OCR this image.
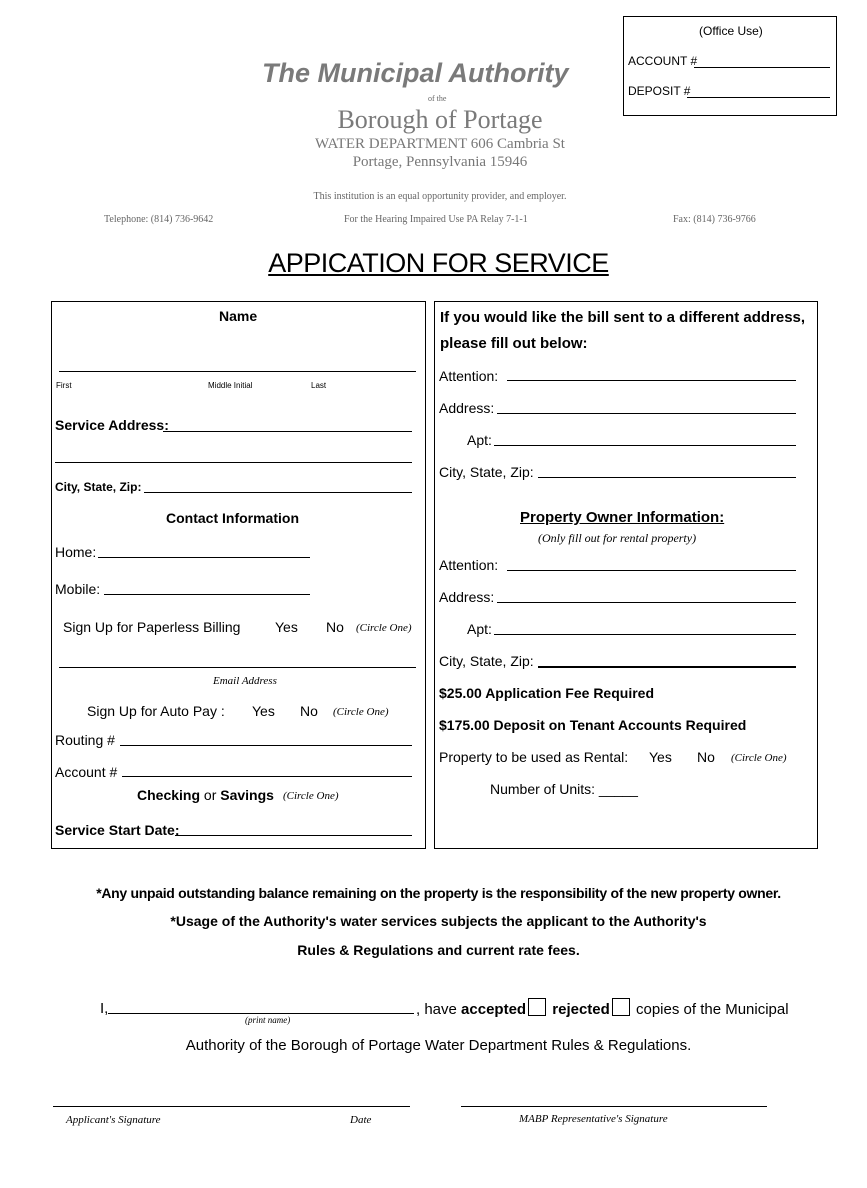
(Office Use)
ACCOUNT #
DEPOSIT #
The Municipal Authority
of the
Borough of Portage
WATER DEPARTMENT 606 Cambria St
Portage, Pennsylvania 15946
This institution is an equal opportunity provider, and employer.
Telephone: (814) 736-9642	For the Hearing Impaired Use PA Relay 7-1-1	Fax: (814) 736-9766
APPICATION FOR SERVICE
Name
First	Middle Initial	Last
Service Address:
City, State, Zip:
Contact Information
Home:
Mobile:
Sign Up for Paperless Billing Yes No (Circle One)
Email Address
Sign Up for Auto Pay : Yes No (Circle One)
Routing #
Account #
Checking or Savings (Circle One)
Service Start Date:
If you would like the bill sent to a different address,
please fill out below:
Attention:
Address:
Apt:
City, State, Zip:
Property Owner Information:
(Only fill out for rental property)
Attention:
Address:
Apt:
City, State, Zip:
$25.00 Application Fee Required
$175.00 Deposit on Tenant Accounts Required
Property to be used as Rental: Yes No (Circle One)
Number of Units: _____
*Any unpaid outstanding balance remaining on the property is the responsibility of the new property owner.
*Usage of the Authority's water services subjects the applicant to the Authority's
Rules & Regulations and current rate fees.
I,
(print name)
, have accepted rejected copies of the Municipal
Authority of the Borough of Portage Water Department Rules & Regulations.
Applicant's Signature	Date	MABP Representative's Signature
